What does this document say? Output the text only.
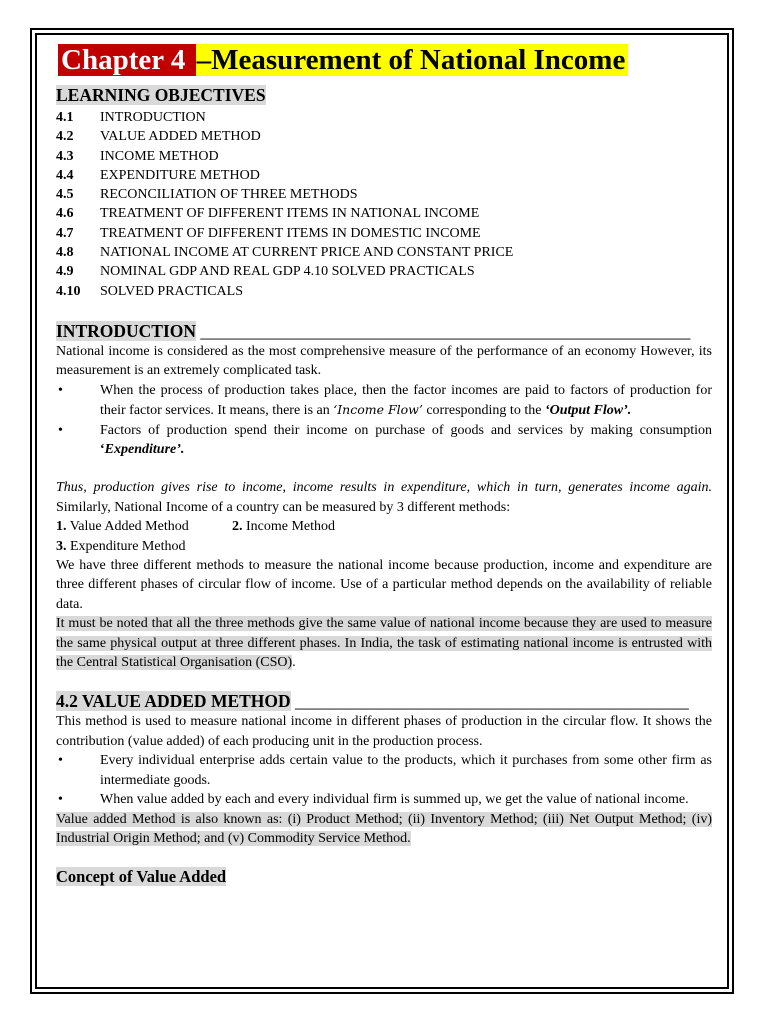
Chapter 4 –Measurement of National Income
LEARNING OBJECTIVES
4.1	INTRODUCTION
4.2	VALUE ADDED METHOD
4.3	INCOME METHOD
4.4	EXPENDITURE METHOD
4.5	RECONCILIATION OF THREE METHODS
4.6	TREATMENT OF DIFFERENT ITEMS IN NATIONAL INCOME
4.7	TREATMENT OF DIFFERENT ITEMS IN DOMESTIC INCOME
4.8	NATIONAL INCOME AT CURRENT PRICE AND CONSTANT PRICE
4.9	NOMINAL GDP AND REAL GDP 4.10 SOLVED PRACTICALS
4.10	SOLVED PRACTICALS
INTRODUCTION ________________________________________________________

National income is considered as the most comprehensive measure of the performance of an economy However, its measurement is an extremely complicated task.

• When the process of production takes place, then the factor incomes are paid to factors of production for their factor services. It means, there is an ‘Income Flow’ corresponding to the ‘Output Flow’.
• Factors of production spend their income on purchase of goods and services by making consumption ‘Expenditure’.

Thus, production gives rise to income, income results in expenditure, which in turn, generates income again. Similarly, National Income of a country can be measured by 3 different methods:

1. Value Added Method	2. Income Method
3. Expenditure Method

We have three different methods to measure the national income because production, income and expenditure are three different phases of circular flow of income. Use of a particular method depends on the availability of reliable data.

It must be noted that all the three methods give the same value of national income because they are used to measure the same physical output at three different phases. In India, the task of estimating national income is entrusted with the Central Statistical Organisation (CSO).

4.2 VALUE ADDED METHOD _____________________________________________

This method is used to measure national income in different phases of production in the circular flow. It shows the contribution (value added) of each producing unit in the production process.

• Every individual enterprise adds certain value to the products, which it purchases from some other firm as intermediate goods.
• When value added by each and every individual firm is summed up, we get the value of national income.

Value added Method is also known as: (i) Product Method; (ii) Inventory Method; (iii) Net Output Method; (iv) Industrial Origin Method; and (v) Commodity Service Method.

Concept of Value Added
